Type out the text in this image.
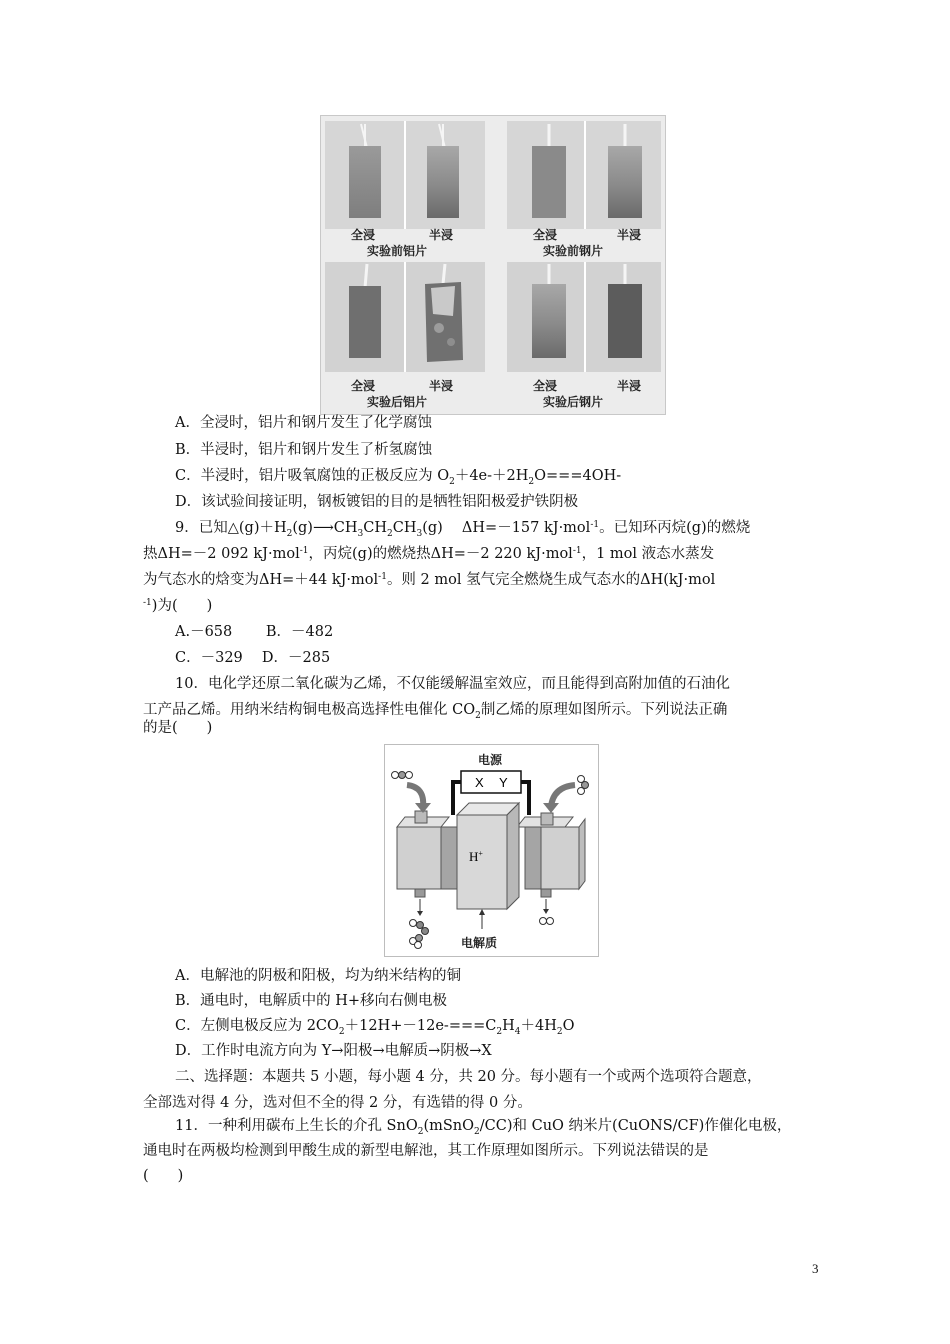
全浸	半浸
实验前铝片
全浸	半浸
实验前钢片
全浸	半浸
实验后铝片
全浸	半浸
实验后钢片
A．全浸时，铝片和钢片发生了化学腐蚀
B．半浸时，铝片和钢片发生了析氢腐蚀
C．半浸时，铝片吸氧腐蚀的正极反应为 $O_2+4e-+2H_2O===4OH-$
D．该试验间接证明，钢板镀铝的目的是牺牲铝阳极爱护铁阴极
9．已知$\triangle(g)+H_2(g)⟶CH_3CH_2CH_3(g)$　 ΔH=－157 kJ·mol$^{-1}$。已知环丙烷(g)的燃烧
热ΔH=－2 092 kJ·mol$^{-1}$，丙烷(g)的燃烧热ΔH=－2 220 kJ·mol$^{-1}$，1 mol 液态水蒸发
为气态水的焓变为ΔH=＋44 kJ·mol$^{-1}$。则 2 mol 氢气完全燃烧生成气态水的ΔH(kJ·mol
$^{-1}$)为(　　)
A.－658　　 B．－482
C．－329　 D．－285
10．电化学还原二氧化碳为乙烯，不仅能缓解温室效应，而且能得到高附加值的石油化
工产品乙烯。用纳米结构铜电极高选择性电催化 $CO_2$制乙烯的原理如图所示。下列说法正确
的是(　　)
电源
X Y
H+
电解质
A．电解池的阴极和阳极，均为纳米结构的铜
B．通电时，电解质中的 H+移向右侧电极
C．左侧电极反应为 $2CO_2+12H+-12e-===C_2H_4+4H_2O$
D．工作时电流方向为 Y→阳极→电解质→阴极→X
二、选择题：本题共 5 小题，每小题 4 分，共 20 分。每小题有一个或两个选项符合题意，
全部选对得 4 分，选对但不全的得 2 分，有选错的得 0 分。
11．一种利用碳布上生长的介孔 SnO$_2$(mSnO$_2$/CC)和 CuO 纳米片(CuONS/CF)作催化电极，
通电时在两极均检测到甲酸生成的新型电解池，其工作原理如图所示。下列说法错误的是
(　　)
3
